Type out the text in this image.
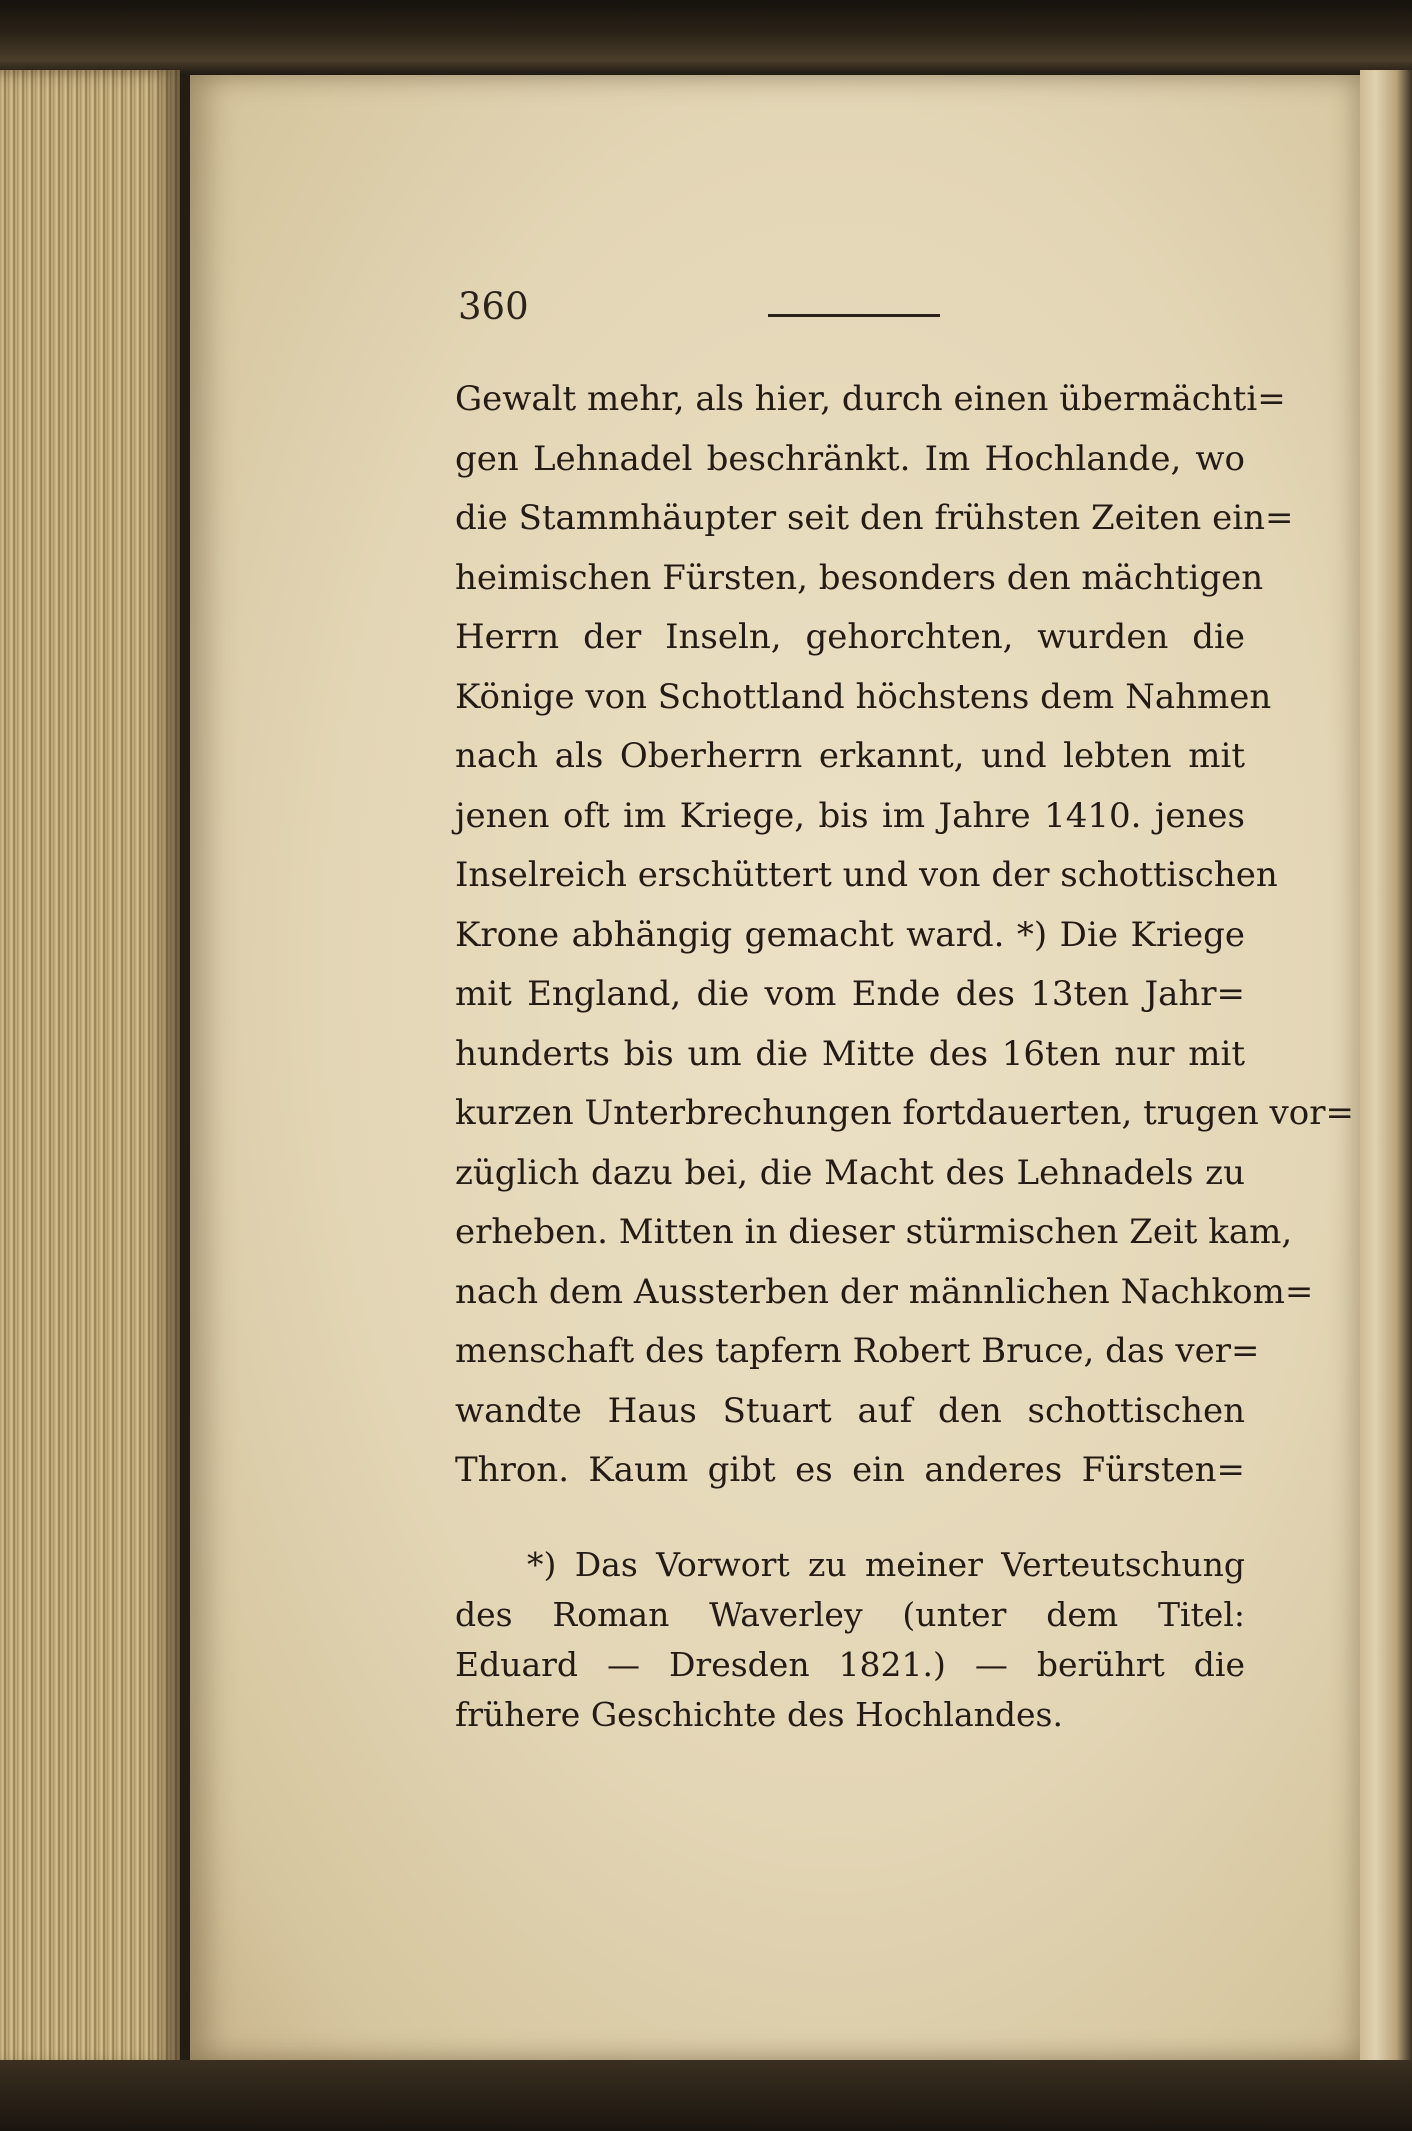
360
Gewalt mehr, als hier, durch einen übermächti=
gen Lehnadel beschränkt. Im Hochlande, wo
die Stammhäupter seit den frühsten Zeiten ein=
heimischen Fürsten, besonders den mächtigen
Herrn der Inseln, gehorchten, wurden die
Könige von Schottland höchstens dem Nahmen
nach als Oberherrn erkannt, und lebten mit
jenen oft im Kriege, bis im Jahre 1410. jenes
Inselreich erschüttert und von der schottischen
Krone abhängig gemacht ward. *) Die Kriege
mit England, die vom Ende des 13ten Jahr=
hunderts bis um die Mitte des 16ten nur mit
kurzen Unterbrechungen fortdauerten, trugen vor=
züglich dazu bei, die Macht des Lehnadels zu
erheben. Mitten in dieser stürmischen Zeit kam,
nach dem Aussterben der männlichen Nachkom=
menschaft des tapfern Robert Bruce, das ver=
wandte Haus Stuart auf den schottischen
Thron. Kaum gibt es ein anderes Fürsten=
*) Das Vorwort zu meiner Verteutschung
des Roman Waverley (unter dem Titel:
Eduard — Dresden 1821.) — berührt die
frühere Geschichte des Hochlandes.
